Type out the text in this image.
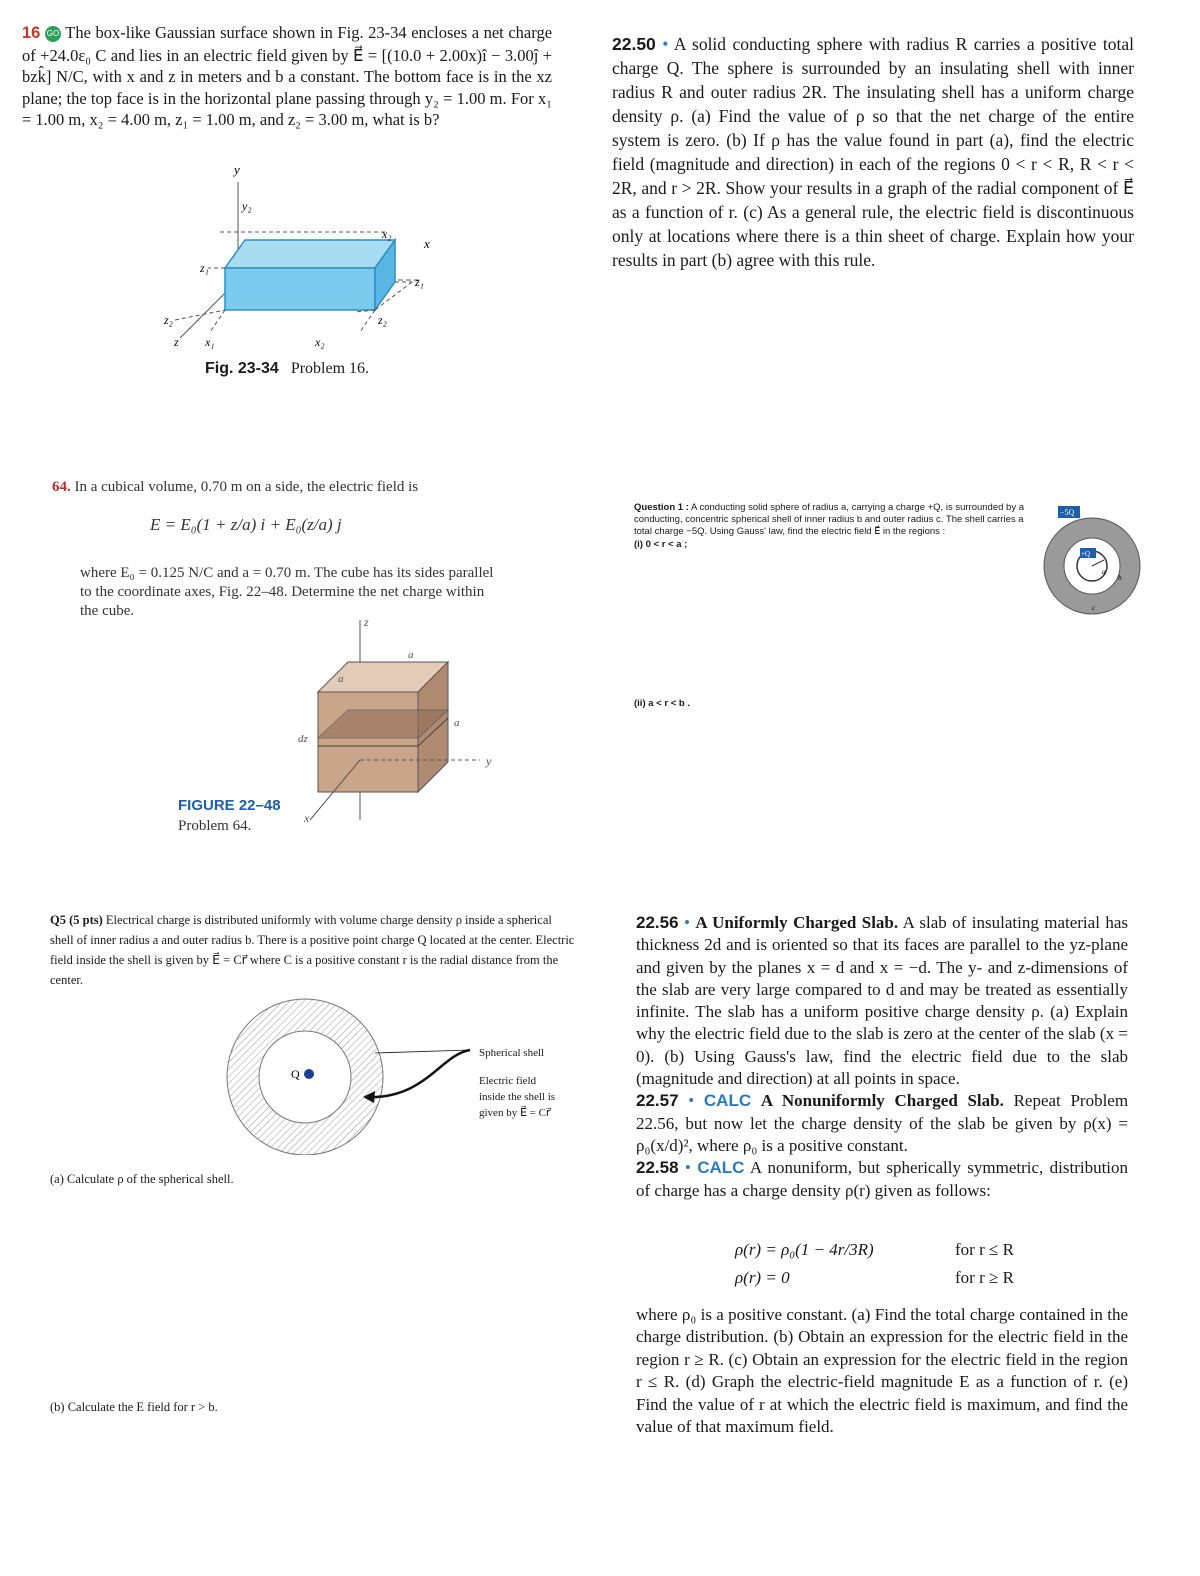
16 GO The box-like Gaussian surface shown in Fig. 23-34 encloses a net charge of +24.0ε₀ C and lies in an electric field given by E⃗ = [(10.0 + 2.00x)î − 3.00ĵ + bzk̂] N/C, with x and z in meters and b a constant. The bottom face is in the xz plane; the top face is in the horizontal plane passing through y₂ = 1.00 m. For x₁ = 1.00 m, x₂ = 4.00 m, z₁ = 1.00 m, and z₂ = 3.00 m, what is b?

y
y₂
x₂
x
z₁
z₁
z₂	z₂
z x₁	x₂
Fig. 23-34 Problem 16.

22.50 • A solid conducting sphere with radius R carries a positive total charge Q. The sphere is surrounded by an insulating shell with inner radius R and outer radius 2R. The insulating shell has a uniform charge density ρ. (a) Find the value of ρ so that the net charge of the entire system is zero. (b) If ρ has the value found in part (a), find the electric field (magnitude and direction) in each of the regions 0 < r < R, R < r < 2R, and r > 2R. Show your results in a graph of the radial component of E⃗ as a function of r. (c) As a general rule, the electric field is discontinuous only at locations where there is a thin sheet of charge. Explain how your results in part (b) agree with this rule.

64. In a cubical volume, 0.70 m on a side, the electric field is

E = E₀(1 + z/a) i + E₀(z/a) j
where E₀ = 0.125 N/C and a = 0.70 m. The cube has its sides parallel to the coordinate axes, Fig. 22–48. Determine the net charge within the cube.
z
a
a
a
dz
y
x
FIGURE 22–48
Problem 64.
Question 1 : A conducting solid sphere of radius a, carrying a charge +Q, is surrounded by a conducting, concentric spherical shell of inner radius b and outer radius c. The shell carries a total charge −5Q. Using Gauss' law, find the electric field E⃗ in the regions :
(i) 0 < r < a ;
(ii) a < r < b .
−5Q
+Q
a
b
c
Q5 (5 pts) Electrical charge is distributed uniformly with volume charge density ρ inside a spherical shell of inner radius a and outer radius b. There is a positive point charge Q located at the center. Electric field inside the shell is given by E⃗ = Cr⃗ where C is a positive constant r is the radial distance from the center.
Q
Spherical shell
Electric field inside the shell is given by E⃗ = Cr⃗
(a) Calculate ρ of the spherical shell.
(b) Calculate the E field for r > b.

22.56 • A Uniformly Charged Slab. A slab of insulating material has thickness 2d and is oriented so that its faces are parallel to the yz-plane and given by the planes x = d and x = −d. The y- and z-dimensions of the slab are very large compared to d and may be treated as essentially infinite. The slab has a uniform positive charge density ρ. (a) Explain why the electric field due to the slab is zero at the center of the slab (x = 0). (b) Using Gauss's law, find the electric field due to the slab (magnitude and direction) at all points in space.

22.57 • CALC A Nonuniformly Charged Slab. Repeat Problem 22.56, but now let the charge density of the slab be given by ρ(x) = ρ₀(x/d)², where ρ₀ is a positive constant.

22.58 • CALC A nonuniform, but spherically symmetric, distribution of charge has a charge density ρ(r) given as follows:

ρ(r) = ρ₀(1 − 4r/3R)	for r ≤ R
ρ(r) = 0	for r ≥ R
where ρ₀ is a positive constant. (a) Find the total charge contained in the charge distribution. (b) Obtain an expression for the electric field in the region r ≥ R. (c) Obtain an expression for the electric field in the region r ≤ R. (d) Graph the electric-field magnitude E as a function of r. (e) Find the value of r at which the electric field is maximum, and find the value of that maximum field.
